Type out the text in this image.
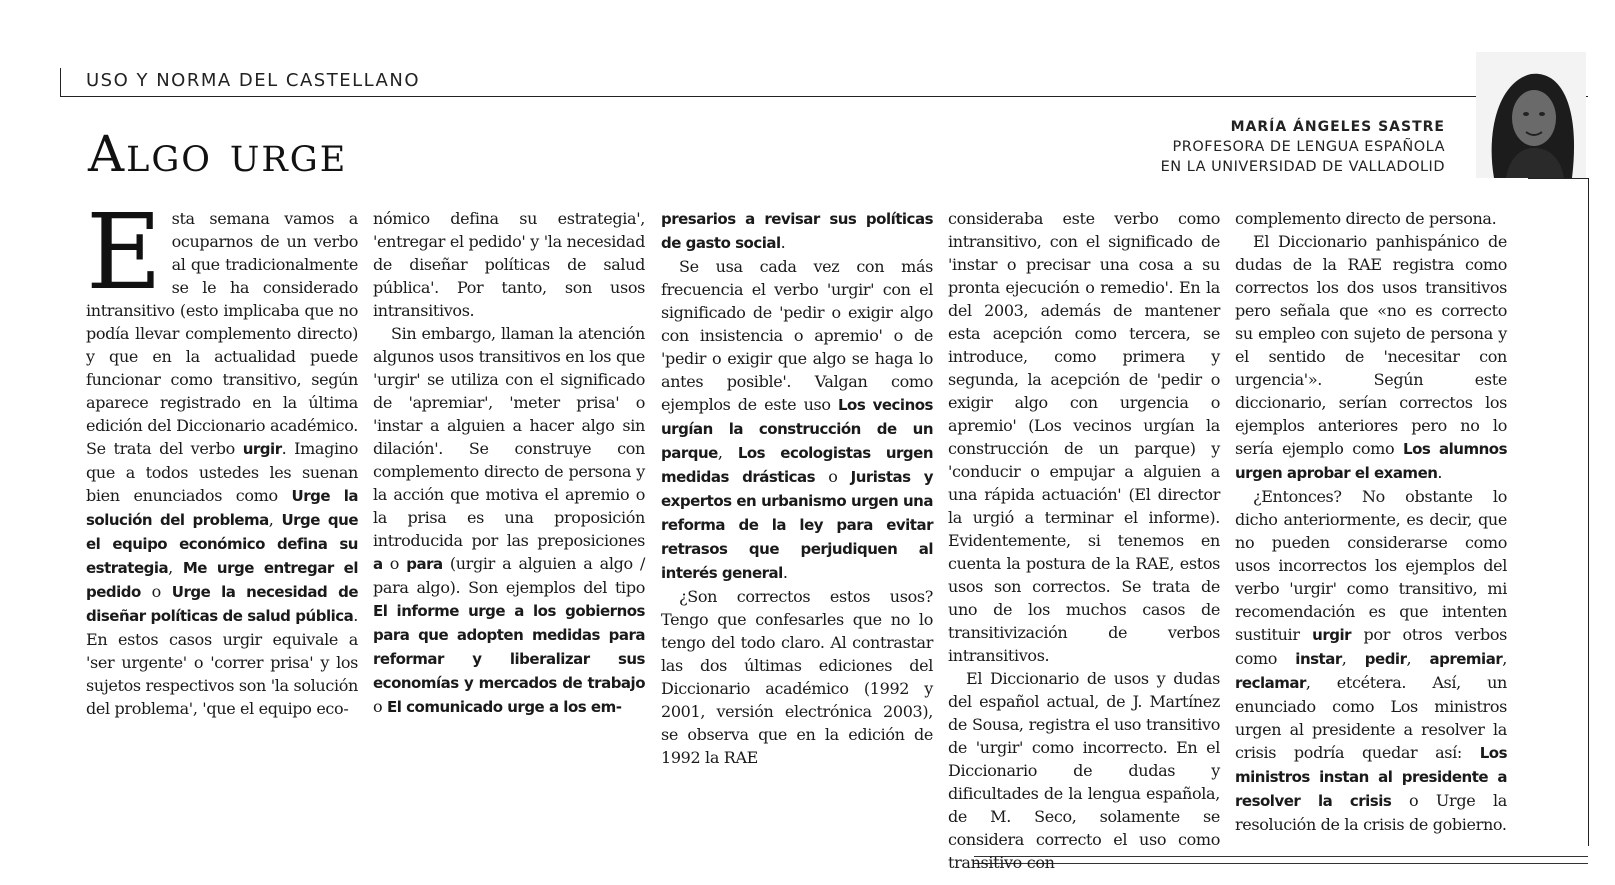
USO Y NORMA DEL CASTELLANO
Algo urge	MARÍA ÁNGELES SASTRE
PROFESORA DE LENGUA ESPAÑOLA
EN LA UNIVERSIDAD DE VALLADOLID

Esta semana vamos a ocuparnos de un verbo al que tradicionalmente se le ha considerado intransitivo (esto implicaba que no podía llevar complemento directo) y que en la actualidad puede funcionar como transitivo, según aparece registrado en la última edición del Diccionario académico. Se trata del verbo urgir. Imagino que a todos ustedes les suenan bien enunciados como Urge la solución del problema, Urge que el equipo económico defina su estrategia, Me urge entregar el pedido o Urge la necesidad de diseñar políticas de salud pública. En estos casos urgir equivale a 'ser urgente' o 'correr prisa' y los sujetos respectivos son 'la solución del problema', 'que el equipo eco-

nómico defina su estrategia', 'entregar el pedido' y 'la necesidad de diseñar políticas de salud pública'. Por tanto, son usos intransitivos.

Sin embargo, llaman la atención algunos usos transitivos en los que 'urgir' se utiliza con el significado de 'apremiar', 'meter prisa' o 'instar a alguien a hacer algo sin dilación'. Se construye con complemento directo de persona y la acción que motiva el apremio o la prisa es una proposición introducida por las preposiciones a o para (urgir a alguien a algo / para algo). Son ejemplos del tipo El informe urge a los gobiernos para que adopten medidas para reformar y liberalizar sus economías y mercados de trabajo o El comunicado urge a los em-

presarios a revisar sus políticas de gasto social.

Se usa cada vez con más frecuencia el verbo 'urgir' con el significado de 'pedir o exigir algo con insistencia o apremio' o de 'pedir o exigir que algo se haga lo antes posible'. Valgan como ejemplos de este uso Los vecinos urgían la construcción de un parque, Los ecologistas urgen medidas drásticas o Juristas y expertos en urbanismo urgen una reforma de la ley para evitar retrasos que perjudiquen al interés general.

¿Son correctos estos usos? Tengo que confesarles que no lo tengo del todo claro. Al contrastar las dos últimas ediciones del Diccionario académico (1992 y 2001, versión electrónica 2003), se observa que en la edición de 1992 la RAE

consideraba este verbo como intransitivo, con el significado de 'instar o precisar una cosa a su pronta ejecución o remedio'. En la del 2003, además de mantener esta acepción como tercera, se introduce, como primera y segunda, la acepción de 'pedir o exigir algo con urgencia o apremio' (Los vecinos urgían la construcción de un parque) y 'conducir o empujar a alguien a una rápida actuación' (El director la urgió a terminar el informe). Evidentemente, si tenemos en cuenta la postura de la RAE, estos usos son correctos. Se trata de uno de los muchos casos de transitivización de verbos intransitivos.

El Diccionario de usos y dudas del español actual, de J. Martínez de Sousa, registra el uso transitivo de 'urgir' como incorrecto. En el Diccionario de dudas y dificultades de la lengua española, de M. Seco, solamente se considera correcto el uso como transitivo con

complemento directo de persona.

El Diccionario panhispánico de dudas de la RAE registra como correctos los dos usos transitivos pero señala que «no es correcto su empleo con sujeto de persona y el sentido de 'necesitar con urgencia'». Según este diccionario, serían correctos los ejemplos anteriores pero no lo sería ejemplo como Los alumnos urgen aprobar el examen.

¿Entonces? No obstante lo dicho anteriormente, es decir, que no pueden considerarse como usos incorrectos los ejemplos del verbo 'urgir' como transitivo, mi recomendación es que intenten sustituir urgir por otros verbos como instar, pedir, apremiar, reclamar, etcétera. Así, un enunciado como Los ministros urgen al presidente a resolver la crisis podría quedar así: Los ministros instan al presidente a resolver la crisis o Urge la resolución de la crisis de gobierno.
